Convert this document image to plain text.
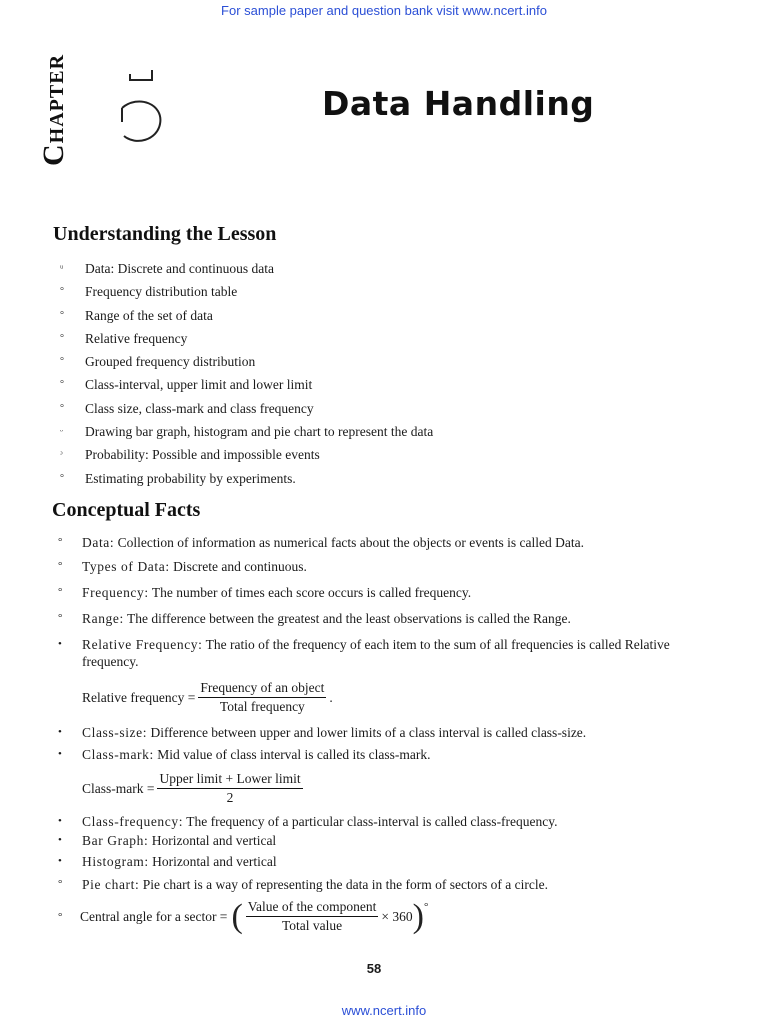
For sample paper and question bank visit www.ncert.info
CHAPTER	Data Handling
Understanding the Lesson
ᵘ Data: Discrete and continuous data
° Frequency distribution table
° Range of the set of data
° Relative frequency
° Grouped frequency distribution
° Class-interval, upper limit and lower limit
° Class size, class-mark and class frequency
ᵕ Drawing bar graph, histogram and pie chart to represent the data
ᵓ Probability: Possible and impossible events
° Estimating probability by experiments.
Conceptual Facts
°	Data: Collection of information as numerical facts about the objects or events is called Data.
°	Types of Data: Discrete and continuous.
°	Frequency: The number of times each score occurs is called frequency.
°	Range: The difference between the greatest and the least observations is called the Range.
•	Relative Frequency: The ratio of the frequency of each item to the sum of all frequencies is called Relative frequency.
Relative frequency = $\frac{\text{Frequency of an object}}{\text{Total frequency}}$ .
•	Class-size: Difference between upper and lower limits of a class interval is called class-size.
•	Class-mark: Mid value of class interval is called its class-mark.
Class-mark = $\frac{\text{Upper limit + Lower limit}}{2}$
•	Class-frequency: The frequency of a particular class-interval is called class-frequency.
•	Bar Graph: Horizontal and vertical
•	Histogram: Horizontal and vertical
°	Pie chart: Pie chart is a way of representing the data in the form of sectors of a circle.
°	Central angle for a sector = ( $\frac{\text{Value of the component}}{\text{Total value}} \times 360$ ) °
58
www.ncert.info
